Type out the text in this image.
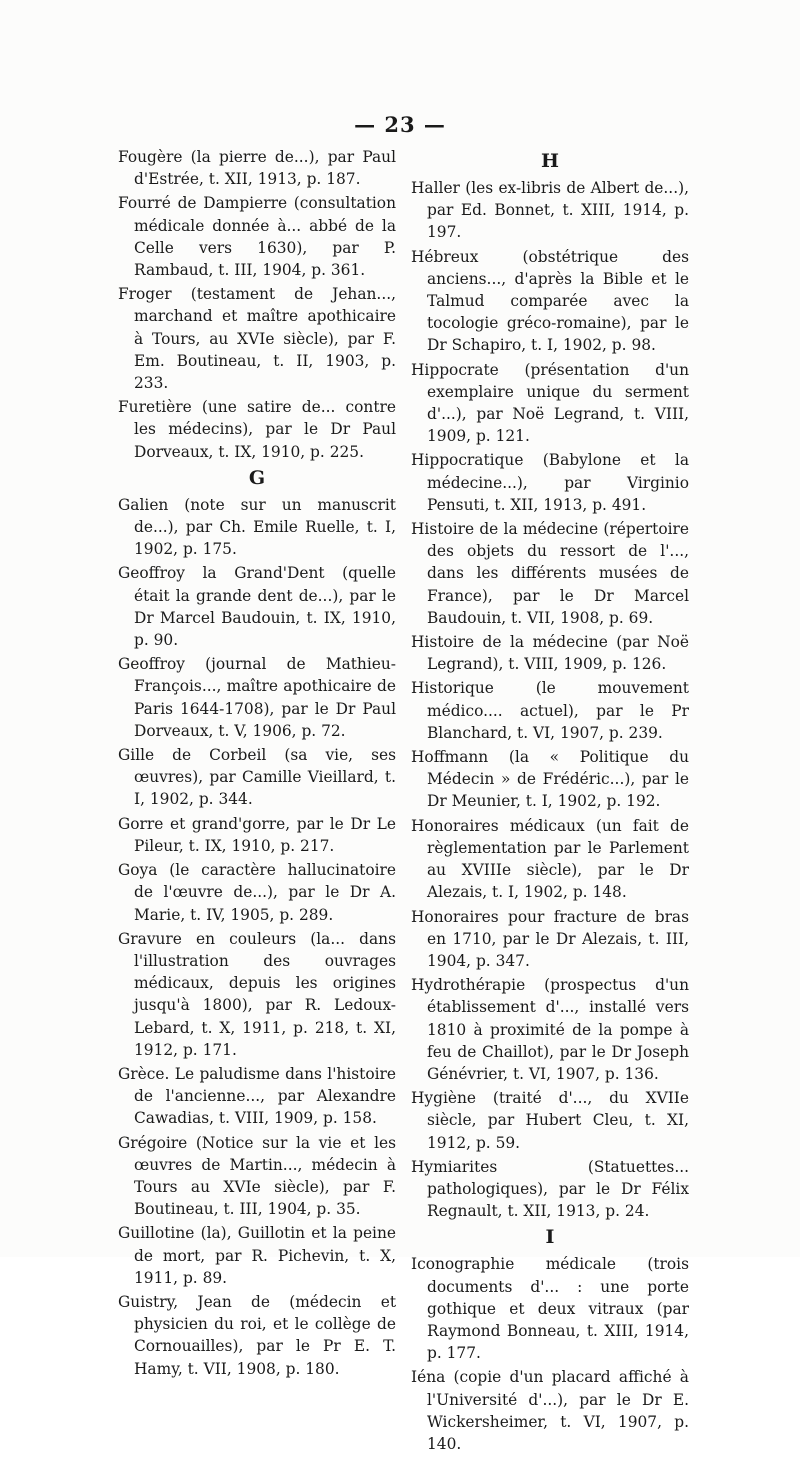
— 23 —
Fougère (la pierre de...), par Paul d'Estrée, t. XII, 1913, p. 187.
Fourré de Dampierre (consultation médicale donnée à... abbé de la Celle vers 1630), par P. Rambaud, t. III, 1904, p. 361.
Froger (testament de Jehan..., marchand et maître apothicaire à Tours, au XVIe siècle), par F. Em. Boutineau, t. II, 1903, p. 233.
Furetière (une satire de... contre les médecins), par le Dr Paul Dorveaux, t. IX, 1910, p. 225.
G
Galien (note sur un manuscrit de...), par Ch. Emile Ruelle, t. I, 1902, p. 175.
Geoffroy la Grand'Dent (quelle était la grande dent de...), par le Dr Marcel Baudouin, t. IX, 1910, p. 90.
Geoffroy (journal de Mathieu-François..., maître apothicaire de Paris 1644-1708), par le Dr Paul Dorveaux, t. V, 1906, p. 72.
Gille de Corbeil (sa vie, ses œuvres), par Camille Vieillard, t. I, 1902, p. 344.
Gorre et grand'gorre, par le Dr Le Pileur, t. IX, 1910, p. 217.
Goya (le caractère hallucinatoire de l'œuvre de...), par le Dr A. Marie, t. IV, 1905, p. 289.
Gravure en couleurs (la... dans l'illustration des ouvrages médicaux, depuis les origines jusqu'à 1800), par R. Ledoux-Lebard, t. X, 1911, p. 218, t. XI, 1912, p. 171.
Grèce. Le paludisme dans l'histoire de l'ancienne..., par Alexandre Cawadias, t. VIII, 1909, p. 158.
Grégoire (Notice sur la vie et les œuvres de Martin..., médecin à Tours au XVIe siècle), par F. Boutineau, t. III, 1904, p. 35.
Guillotine (la), Guillotin et la peine de mort, par R. Pichevin, t. X, 1911, p. 89.
Guistry, Jean de (médecin et physicien du roi, et le collège de Cornouailles), par le Pr E. T. Hamy, t. VII, 1908, p. 180.
H
Haller (les ex-libris de Albert de...), par Ed. Bonnet, t. XIII, 1914, p. 197.
Hébreux (obstétrique des anciens..., d'après la Bible et le Talmud comparée avec la tocologie gréco-romaine), par le Dr Schapiro, t. I, 1902, p. 98.
Hippocrate (présentation d'un exemplaire unique du serment d'...), par Noë Legrand, t. VIII, 1909, p. 121.
Hippocratique (Babylone et la médecine...), par Virginio Pensuti, t. XII, 1913, p. 491.
Histoire de la médecine (répertoire des objets du ressort de l'..., dans les différents musées de France), par le Dr Marcel Baudouin, t. VII, 1908, p. 69.
Histoire de la médecine (par Noë Legrand), t. VIII, 1909, p. 126.
Historique (le mouvement médico.... actuel), par le Pr Blanchard, t. VI, 1907, p. 239.
Hoffmann (la « Politique du Médecin » de Frédéric...), par le Dr Meunier, t. I, 1902, p. 192.
Honoraires médicaux (un fait de règlementation par le Parlement au XVIIIe siècle), par le Dr Alezais, t. I, 1902, p. 148.
Honoraires pour fracture de bras en 1710, par le Dr Alezais, t. III, 1904, p. 347.
Hydrothérapie (prospectus d'un établissement d'..., installé vers 1810 à proximité de la pompe à feu de Chaillot), par le Dr Joseph Génévrier, t. VI, 1907, p. 136.
Hygiène (traité d'..., du XVIIe siècle, par Hubert Cleu, t. XI, 1912, p. 59.
Hymiarites (Statuettes... pathologiques), par le Dr Félix Regnault, t. XII, 1913, p. 24.
I
Iconographie médicale (trois documents d'... : une porte gothique et deux vitraux (par Raymond Bonneau, t. XIII, 1914, p. 177.
Iéna (copie d'un placard affiché à l'Université d'...), par le Dr E. Wickersheimer, t. VI, 1907, p. 140.
